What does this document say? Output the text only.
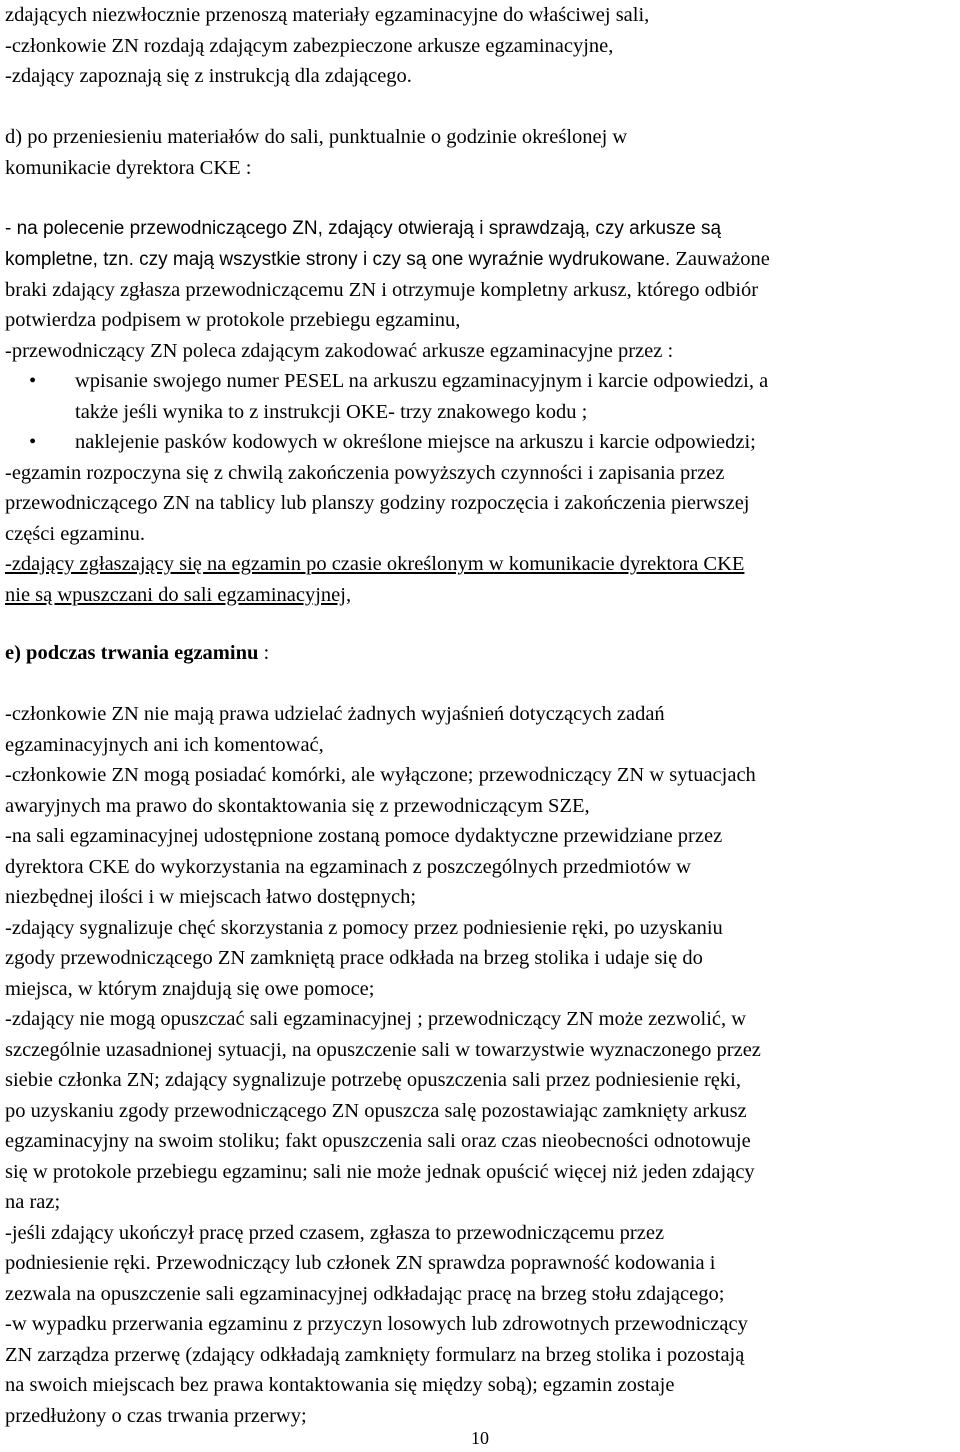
zdających niezwłocznie przenoszą materiały egzaminacyjne do właściwej sali,
-członkowie ZN rozdają zdającym zabezpieczone arkusze egzaminacyjne,
-zdający zapoznają się z instrukcją dla zdającego.
d) po przeniesieniu materiałów do sali, punktualnie o godzinie określonej w
komunikacie dyrektora CKE :
- na polecenie przewodniczącego ZN, zdający otwierają i sprawdzają, czy arkusze są
kompletne, tzn. czy mają wszystkie strony i czy są one wyraźnie wydrukowane. Zauważone
braki zdający zgłasza przewodniczącemu ZN i otrzymuje kompletny arkusz, którego odbiór
potwierdza podpisem w protokole przebiegu egzaminu,
-przewodniczący ZN poleca zdającym zakodować arkusze egzaminacyjne przez :
• wpisanie swojego numer PESEL na arkuszu egzaminacyjnym i karcie odpowiedzi, a
także jeśli wynika to z instrukcji OKE- trzy znakowego kodu ;
• naklejenie pasków kodowych w określone miejsce na arkuszu i karcie odpowiedzi;
-egzamin rozpoczyna się z chwilą zakończenia powyższych czynności i zapisania przez
przewodniczącego ZN na tablicy lub planszy godziny rozpoczęcia i zakończenia pierwszej
części egzaminu.
-zdający zgłaszający się na egzamin po czasie określonym w komunikacie dyrektora CKE
nie są wpuszczani do sali egzaminacyjnej,
e) podczas trwania egzaminu :
-członkowie ZN nie mają prawa udzielać żadnych wyjaśnień dotyczących zadań
egzaminacyjnych ani ich komentować,
-członkowie ZN mogą posiadać komórki, ale wyłączone; przewodniczący ZN w sytuacjach
awaryjnych ma prawo do skontaktowania się z przewodniczącym SZE,
-na sali egzaminacyjnej udostępnione zostaną pomoce dydaktyczne przewidziane przez
dyrektora CKE do wykorzystania na egzaminach z poszczególnych przedmiotów w
niezbędnej ilości i w miejscach łatwo dostępnych;
-zdający sygnalizuje chęć skorzystania z pomocy przez podniesienie ręki, po uzyskaniu
zgody przewodniczącego ZN zamkniętą prace odkłada na brzeg stolika i udaje się do
miejsca, w którym znajdują się owe pomoce;
-zdający nie mogą opuszczać sali egzaminacyjnej ; przewodniczący ZN może zezwolić, w
szczególnie uzasadnionej sytuacji, na opuszczenie sali w towarzystwie wyznaczonego przez
siebie członka ZN; zdający sygnalizuje potrzebę opuszczenia sali przez podniesienie ręki,
po uzyskaniu zgody przewodniczącego ZN opuszcza salę pozostawiając zamknięty arkusz
egzaminacyjny na swoim stoliku; fakt opuszczenia sali oraz czas nieobecności odnotowuje
się w protokole przebiegu egzaminu; sali nie może jednak opuścić więcej niż jeden zdający
na raz;
-jeśli zdający ukończył pracę przed czasem, zgłasza to przewodniczącemu przez
podniesienie ręki. Przewodniczący lub członek ZN sprawdza poprawność kodowania i
zezwala na opuszczenie sali egzaminacyjnej odkładając pracę na brzeg stołu zdającego;
-w wypadku przerwania egzaminu z przyczyn losowych lub zdrowotnych przewodniczący
ZN zarządza przerwę (zdający odkładają zamknięty formularz na brzeg stolika i pozostają
na swoich miejscach bez prawa kontaktowania się między sobą); egzamin zostaje
przedłużony o czas trwania przerwy;
10
